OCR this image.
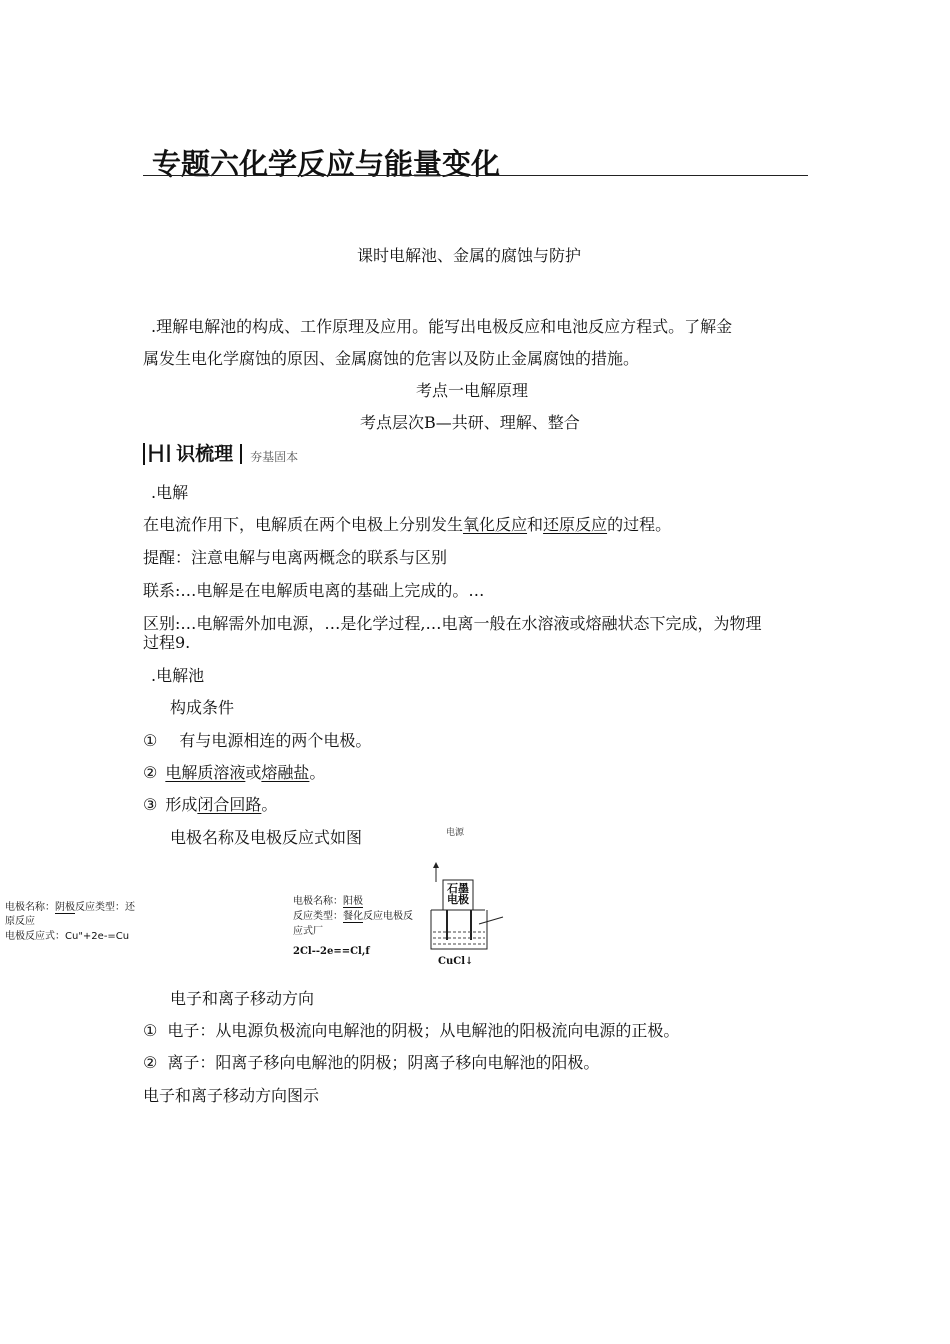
专题六化学反应与能量变化
课时电解池、金属的腐蚀与防护
.理解电解池的构成、工作原理及应用。能写出电极反应和电池反应方程式。了解金
属发生电化学腐蚀的原因、金属腐蚀的危害以及防止金属腐蚀的措施。
考点一电解原理
考点层次B—共研、理解、整合
HI 识梳理 夯基固本
.电解
在电流作用下，电解质在两个电极上分别发生氧化反应和还原反应的过程。
提醒：注意电解与电离两概念的联系与区别
联系:…电解是在电解质电离的基础上完成的。…
区别:…电解需外加电源，…是化学过程,…电离一般在水溶液或熔融状态下完成，为物理
过程9.
.电解池
构成条件
① 有与电源相连的两个电极。
② 电解质溶液或熔融盐。
③ 形成闭合回路。
电极名称及电极反应式如图	电源
电极名称：阴极反应类型：还
原反应
电极反应式：Cu"+2e-=Cu
电极名称：阳极
反应类型：餐化反应电极反
应式厂
2Cl--2e==Cl,f
石墨
电极
CuCl↓
电子和离子移动方向
① 电子：从电源负极流向电解池的阴极；从电解池的阳极流向电源的正极。
② 离子：阳离子移向电解池的阴极；阴离子移向电解池的阳极。
电子和离子移动方向图示
